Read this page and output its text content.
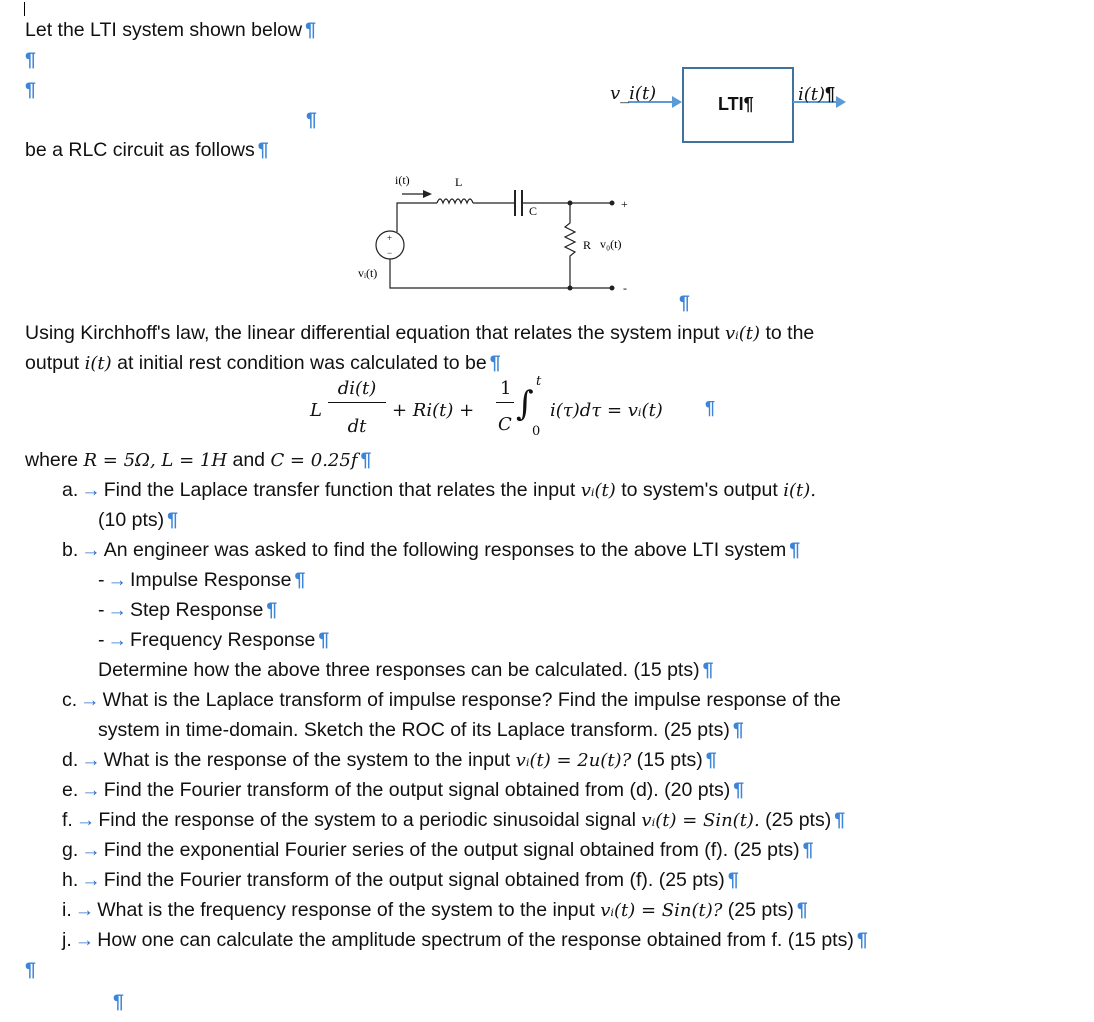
Let the LTI system shown below ¶
¶
¶
¶
v_i(t)	LTI¶ i(t)¶
be a RLC circuit as follows ¶
i(t)	L
C
R v₀(t)
vᵢ(t)
+
-
+
−
¶
Using Kirchhoff's law, the linear differential equation that relates the system input vᵢ(t) to the
output i(t) at initial rest condition was calculated to be ¶
L
di(t)
dt
+ Ri(t) +
1
C
∫
t
0
i(τ)dτ = vᵢ(t) ¶
where R = 5Ω, L = 1H and C = 0.25f ¶
a. → Find the Laplace transfer function that relates the input vᵢ(t) to system's output i(t).
(10 pts) ¶
b. → An engineer was asked to find the following responses to the above LTI system ¶
- → Impulse Response ¶
- → Step Response ¶
- → Frequency Response ¶
Determine how the above three responses can be calculated. (15 pts) ¶
c. → What is the Laplace transform of impulse response? Find the impulse response of the
system in time-domain. Sketch the ROC of its Laplace transform. (25 pts) ¶
d. → What is the response of the system to the input vᵢ(t) = 2u(t)? (15 pts) ¶
e. → Find the Fourier transform of the output signal obtained from (d). (20 pts) ¶
f. → Find the response of the system to a periodic sinusoidal signal vᵢ(t) = Sin(t). (25 pts) ¶
g. → Find the exponential Fourier series of the output signal obtained from (f). (25 pts) ¶
h. → Find the Fourier transform of the output signal obtained from (f). (25 pts) ¶
i. → What is the frequency response of the system to the input vᵢ(t) = Sin(t)? (25 pts) ¶
j. → How one can calculate the amplitude spectrum of the response obtained from f. (15 pts) ¶
¶
¶
